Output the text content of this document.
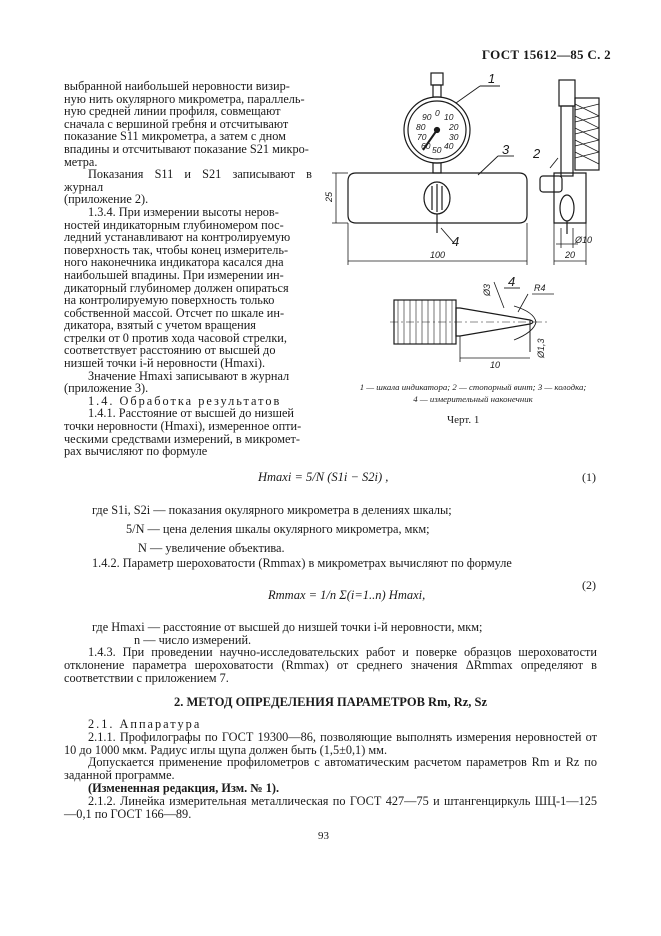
ГОСТ 15612—85 С. 2

выбранной наибольшей неровности визир-

ную нить окулярного микрометра, параллель-

ную средней линии профиля, совмещают

сначала с вершиной гребня и отсчитывают

показание S11 микрометра, а затем с дном

впадины и отсчитывают показание S21 микро-

метра.

Показания S11 и S21 записывают в журнал

(приложение 2).

1.3.4. При измерении высоты неров-

ностей индикаторным глубиномером пос-

ледний устанавливают на контролируемую

поверхность так, чтобы конец измеритель-

ного наконечника индикатора касался дна

наибольшей впадины. При измерении ин-

дикаторный глубиномер должен опираться

на контролируемую поверхность только

собственной массой. Отсчет по шкале ин-

дикатора, взятый с учетом вращения

стрелки от 0 против хода часовой стрелки,

соответствует расстоянию от высшей до

низшей точки i-й неровности (Hmaxi).

Значение Hmaxi записывают в журнал

(приложение 3).

1.4. Обработка результатов

1.4.1. Расстояние от высшей до низшей

точки неровности (Hmaxi), измеренное опти-

ческими средствами измерений, в микромет-

рах вычисляют по формуле

90 0 10
80	20
70	30
60 50 40
1
2
3
4
4
25
100
Ø10
20
Ø3	R4
Ø1,3
10
1 — шкала индикатора; 2 — стопорный винт; 3 — колодка;
4 — измерительный наконечник
Черт. 1
Hmaxi = 5/N (S1i − S2i) ,	(1)
где S1i, S2i — показания окулярного микрометра в делениях шкалы;
5/N — цена деления шкалы окулярного микрометра, мкм;
N — увеличение объектива.
1.4.2. Параметр шероховатости (Rmmax) в микрометрах вычисляют по формуле
Rmmax = 1/n Σ(i=1..n) Hmaxi,
(2)
где Hmaxi — расстояние от высшей до низшей точки i-й неровности, мкм;
n — число измерений.

1.4.3. При проведении научно-исследовательских работ и поверке образцов шероховатости отклонение параметра шероховатости (Rmmax) от среднего значения ΔRmmax определяют в соответствии с приложением 7.

2. МЕТОД ОПРЕДЕЛЕНИЯ ПАРАМЕТРОВ Rm, Rz, Sz

2.1. Аппаратура

2.1.1. Профилографы по ГОСТ 19300—86, позволяющие выполнять измерения неровностей от 10 до 1000 мкм. Радиус иглы щупа должен быть (1,5±0,1) мм.

Допускается применение профилометров с автоматическим расчетом параметров Rm и Rz по заданной программе.

(Измененная редакция, Изм. № 1).

2.1.2. Линейка измерительная металлическая по ГОСТ 427—75 и штангенциркуль ШЦ-1—125—0,1 по ГОСТ 166—89.

93
